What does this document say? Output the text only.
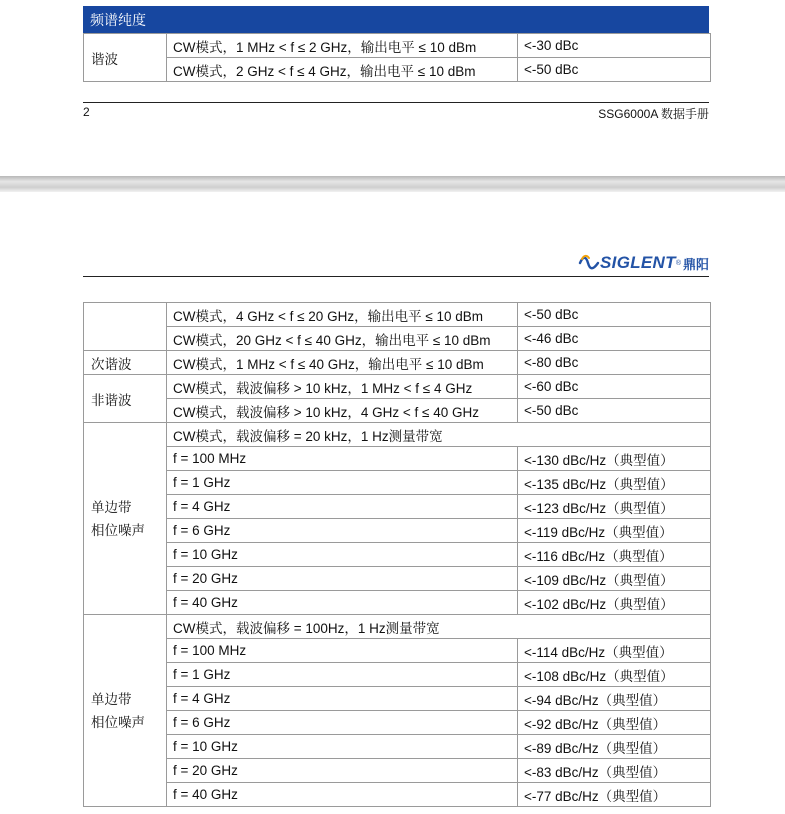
频谱纯度
谐波	CW模式，1 MHz < f ≤ 2 GHz，输出电平 ≤ 10 dBm	<-30 dBc
	CW模式，2 GHz < f ≤ 4 GHz，输出电平 ≤ 10 dBm	<-50 dBc
2	SSG6000A 数据手册
SIGLENT ® 鼎阳
	CW模式，4 GHz < f ≤ 20 GHz，输出电平 ≤ 10 dBm	<-50 dBc
	CW模式，20 GHz < f ≤ 40 GHz，输出电平 ≤ 10 dBm	<-46 dBc
次谐波	CW模式，1 MHz < f ≤ 40 GHz，输出电平 ≤ 10 dBm	<-80 dBc
非谐波	CW模式，载波偏移 > 10 kHz，1 MHz < f ≤ 4 GHz	<-60 dBc
	CW模式，载波偏移 > 10 kHz，4 GHz < f ≤ 40 GHz	<-50 dBc

单边带
相位噪声	CW模式，载波偏移 = 20 kHz，1 Hz测量带宽	
	f = 100 MHz	<-130 dBc/Hz（典型值）
	f = 1 GHz	<-135 dBc/Hz（典型值）
	f = 4 GHz	<-123 dBc/Hz（典型值）
	f = 6 GHz	<-119 dBc/Hz（典型值）
	f = 10 GHz	<-116 dBc/Hz（典型值）
	f = 20 GHz	<-109 dBc/Hz（典型值）
	f = 40 GHz	<-102 dBc/Hz（典型值）

单边带
相位噪声	CW模式，载波偏移 = 100Hz，1 Hz测量带宽	
	f = 100 MHz	<-114 dBc/Hz（典型值）
	f = 1 GHz	<-108 dBc/Hz（典型值）
	f = 4 GHz	<-94 dBc/Hz（典型值）
	f = 6 GHz	<-92 dBc/Hz（典型值）
	f = 10 GHz	<-89 dBc/Hz（典型值）
	f = 20 GHz	<-83 dBc/Hz（典型值）
	f = 40 GHz	<-77 dBc/Hz（典型值）
